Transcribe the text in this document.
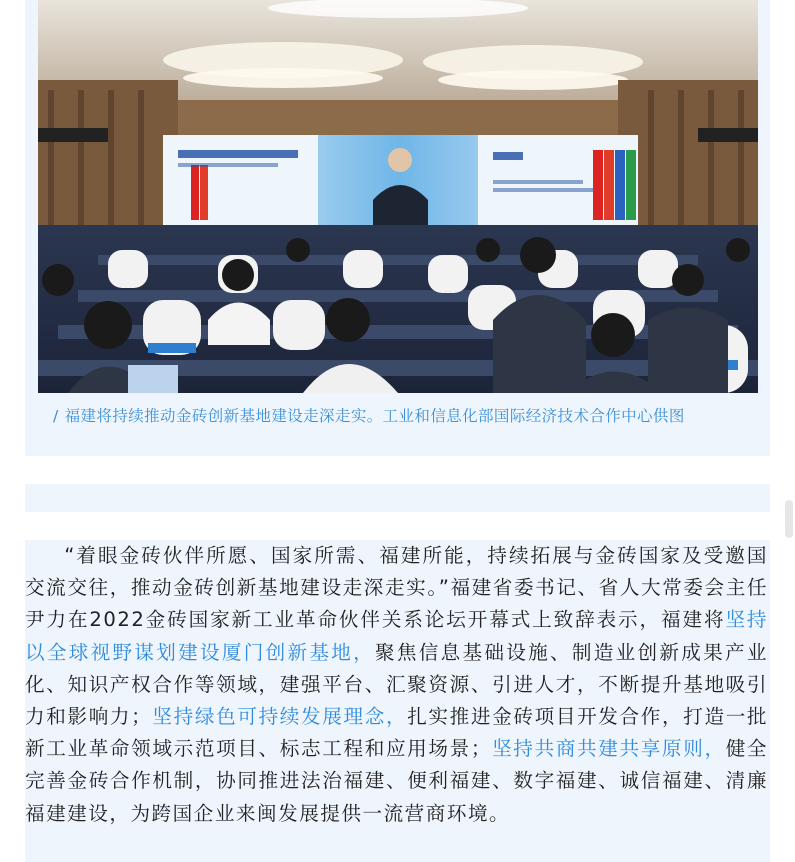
/ 福建将持续推动金砖创新基地建设走深走实。工业和信息化部国际经济技术合作中心供图

“着眼金砖伙伴所愿、国家所需、福建所能，持续拓展与金砖国家及受邀国交流交往，推动金砖创新基地建设走深走实。”福建省委书记、省人大常委会主任尹力在2022金砖国家新工业革命伙伴关系论坛开幕式上致辞表示，福建将坚持以全球视野谋划建设厦门创新基地，聚焦信息基础设施、制造业创新成果产业化、知识产权合作等领域，建强平台、汇聚资源、引进人才，不断提升基地吸引力和影响力；坚持绿色可持续发展理念，扎实推进金砖项目开发合作，打造一批新工业革命领域示范项目、标志工程和应用场景；坚持共商共建共享原则，健全完善金砖合作机制，协同推进法治福建、便利福建、数字福建、诚信福建、清廉福建建设，为跨国企业来闽发展提供一流营商环境。
